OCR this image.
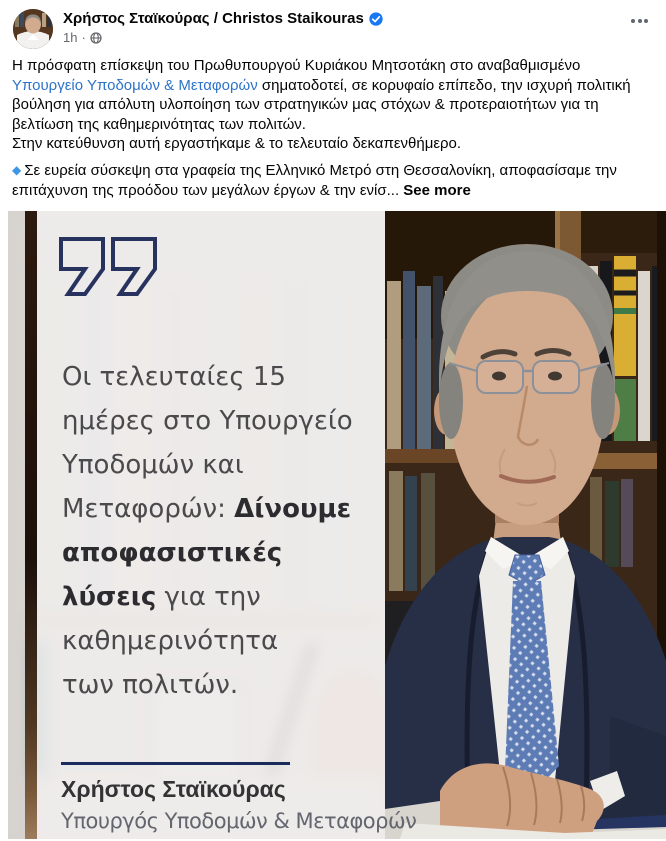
Χρήστος Σταϊκούρας / Christos Staikouras
1h ·

Η πρόσφατη επίσκεψη του Πρωθυπουργού Κυριάκου Μητσοτάκη στο αναβαθμισμένο Υπουργείο Υποδομών & Μεταφορών σηματοδοτεί, σε κορυφαίο επίπεδο, την ισχυρή πολιτική βούληση για απόλυτη υλοποίηση των στρατηγικών μας στόχων & προτεραιοτήτων για τη βελτίωση της καθημερινότητας των πολιτών.

Στην κατεύθυνση αυτή εργαστήκαμε & το τελευταίο δεκαπενθήμερο.

◆ Σε ευρεία σύσκεψη στα γραφεία της Ελληνικό Μετρό στη Θεσσαλονίκη, αποφασίσαμε την επιτάχυνση της προόδου των μεγάλων έργων & την ενίσ... See more

Οι τελευταίες 15
ημέρες στο Υπουργείο
Υποδομών και
Μεταφορών: Δίνουμε
αποφασιστικές
λύσεις για την
καθημερινότητα
των πολιτών.
Χρήστος Σταϊκούρας
Υπουργός Υποδομών & Μεταφορών
